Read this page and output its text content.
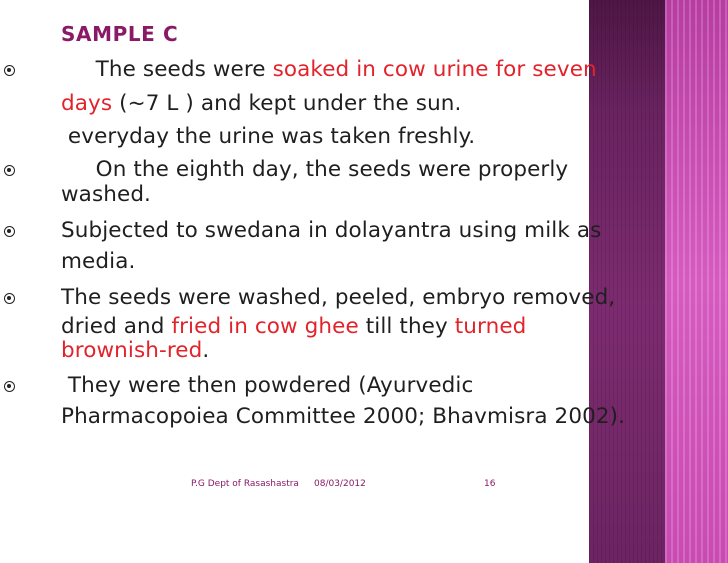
SAMPLE C
The seeds were soaked in cow urine for seven
days (~7 L ) and kept under the sun.
everyday the urine was taken freshly.
On the eighth day, the seeds were properly
washed.
Subjected to swedana in dolayantra using milk as
media.
The seeds were washed, peeled, embryo removed,
dried and fried in cow ghee till they turned
brownish-red.
They were then powdered (Ayurvedic
Pharmacopoiea Committee 2000; Bhavmisra 2002).
P.G Dept of Rasashastra 08/03/2012	16
